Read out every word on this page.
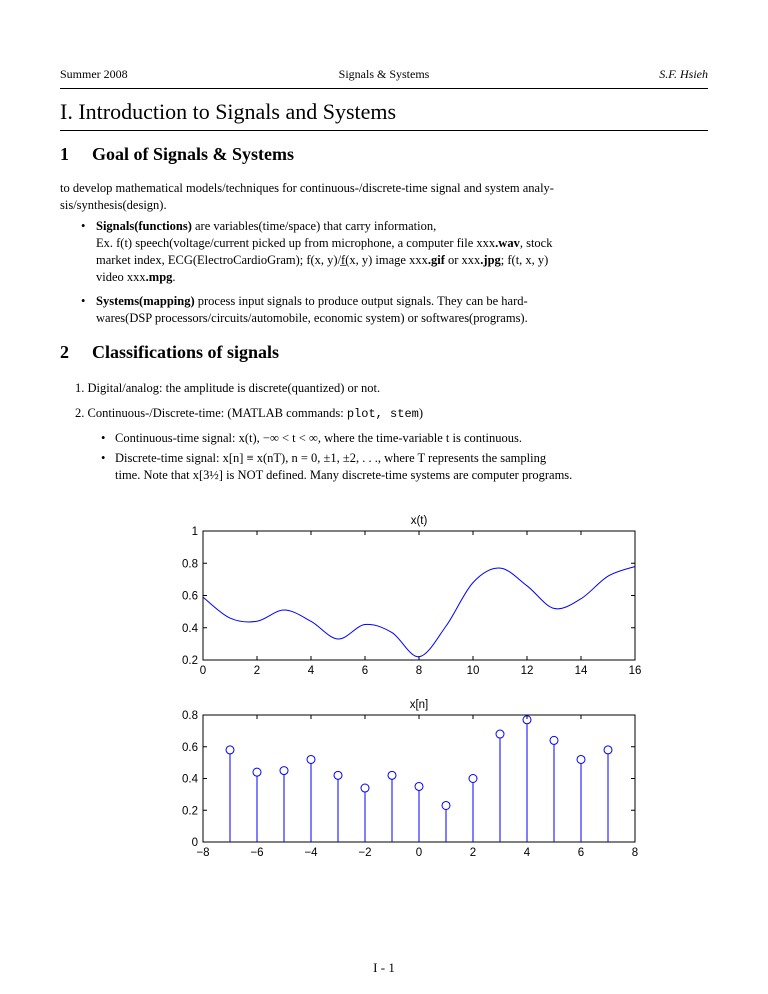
Summer 2008	Signals & Systems	S.F. Hsieh
I. Introduction to Signals and Systems
1 Goal of Signals & Systems
to develop mathematical models/techniques for continuous-/discrete-time signal and system analy-
sis/synthesis(design).
• Signals(functions) are variables(time/space) that carry information,
Ex. f(t) speech(voltage/current picked up from microphone, a computer file xxx.wav, stock
market index, ECG(ElectroCardioGram); f(x, y)/f̲(x, y) image xxx.gif or xxx.jpg; f(t, x, y)
video xxx.mpg.
• Systems(mapping) process input signals to produce output signals. They can be hard-
wares(DSP processors/circuits/automobile, economic system) or softwares(programs).
2 Classifications of signals
1. Digital/analog: the amplitude is discrete(quantized) or not.
2. Continuous-/Discrete-time: (MATLAB commands: plot, stem)
• Continuous-time signal: x(t), −∞ < t < ∞, where the time-variable t is continuous.
• Discrete-time signal: x[n] ≡ x(nT), n = 0, ±1, ±2, . . ., where T represents the sampling
time. Note that x[3½] is NOT defined. Many discrete-time systems are computer programs.
x(t)
0	2	4	6	8	10	12	14	16
0.2
0.4
0.6
0.8
1
x[n]
−8	−6	−4	−2	0	2	4	6	8
0
0.2
0.4
0.6
0.8
I - 1
